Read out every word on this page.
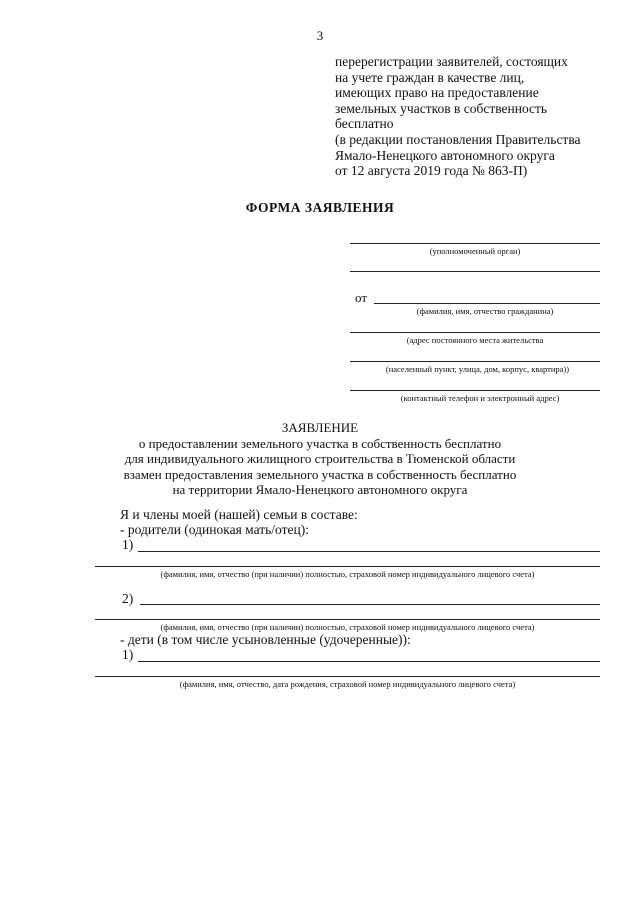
3
перерегистрации заявителей, состоящих
на учете граждан в качестве лиц,
имеющих право на предоставление
земельных участков в собственность
бесплатно
(в редакции постановления Правительства
Ямало-Ненецкого автономного округа
от 12 августа 2019 года № 863-П)
ФОРМА ЗАЯВЛЕНИЯ
(уполномоченный орган)
от
(фамилия, имя, отчество гражданина)
(адрес постоянного места жительства
(населенный пункт, улица, дом, корпус, квартира))
(контактный телефон и электронный адрес)
ЗАЯВЛЕНИЕ
о предоставлении земельного участка в собственность бесплатно
для индивидуального жилищного строительства в Тюменской области
взамен предоставления земельного участка в собственность бесплатно
на территории Ямало-Ненецкого автономного округа
Я и члены моей (нашей) семьи в составе:
- родители (одинокая мать/отец):
1)
(фамилия, имя, отчество (при наличии) полностью, страховой номер индивидуального лицевого счета)
2)
(фамилия, имя, отчество (при наличии) полностью, страховой номер индивидуального лицевого счета)
- дети (в том числе усыновленные (удочеренные)):
1)
(фамилия, имя, отчество, дата рождения, страховой номер индивидуального лицевого счета)
